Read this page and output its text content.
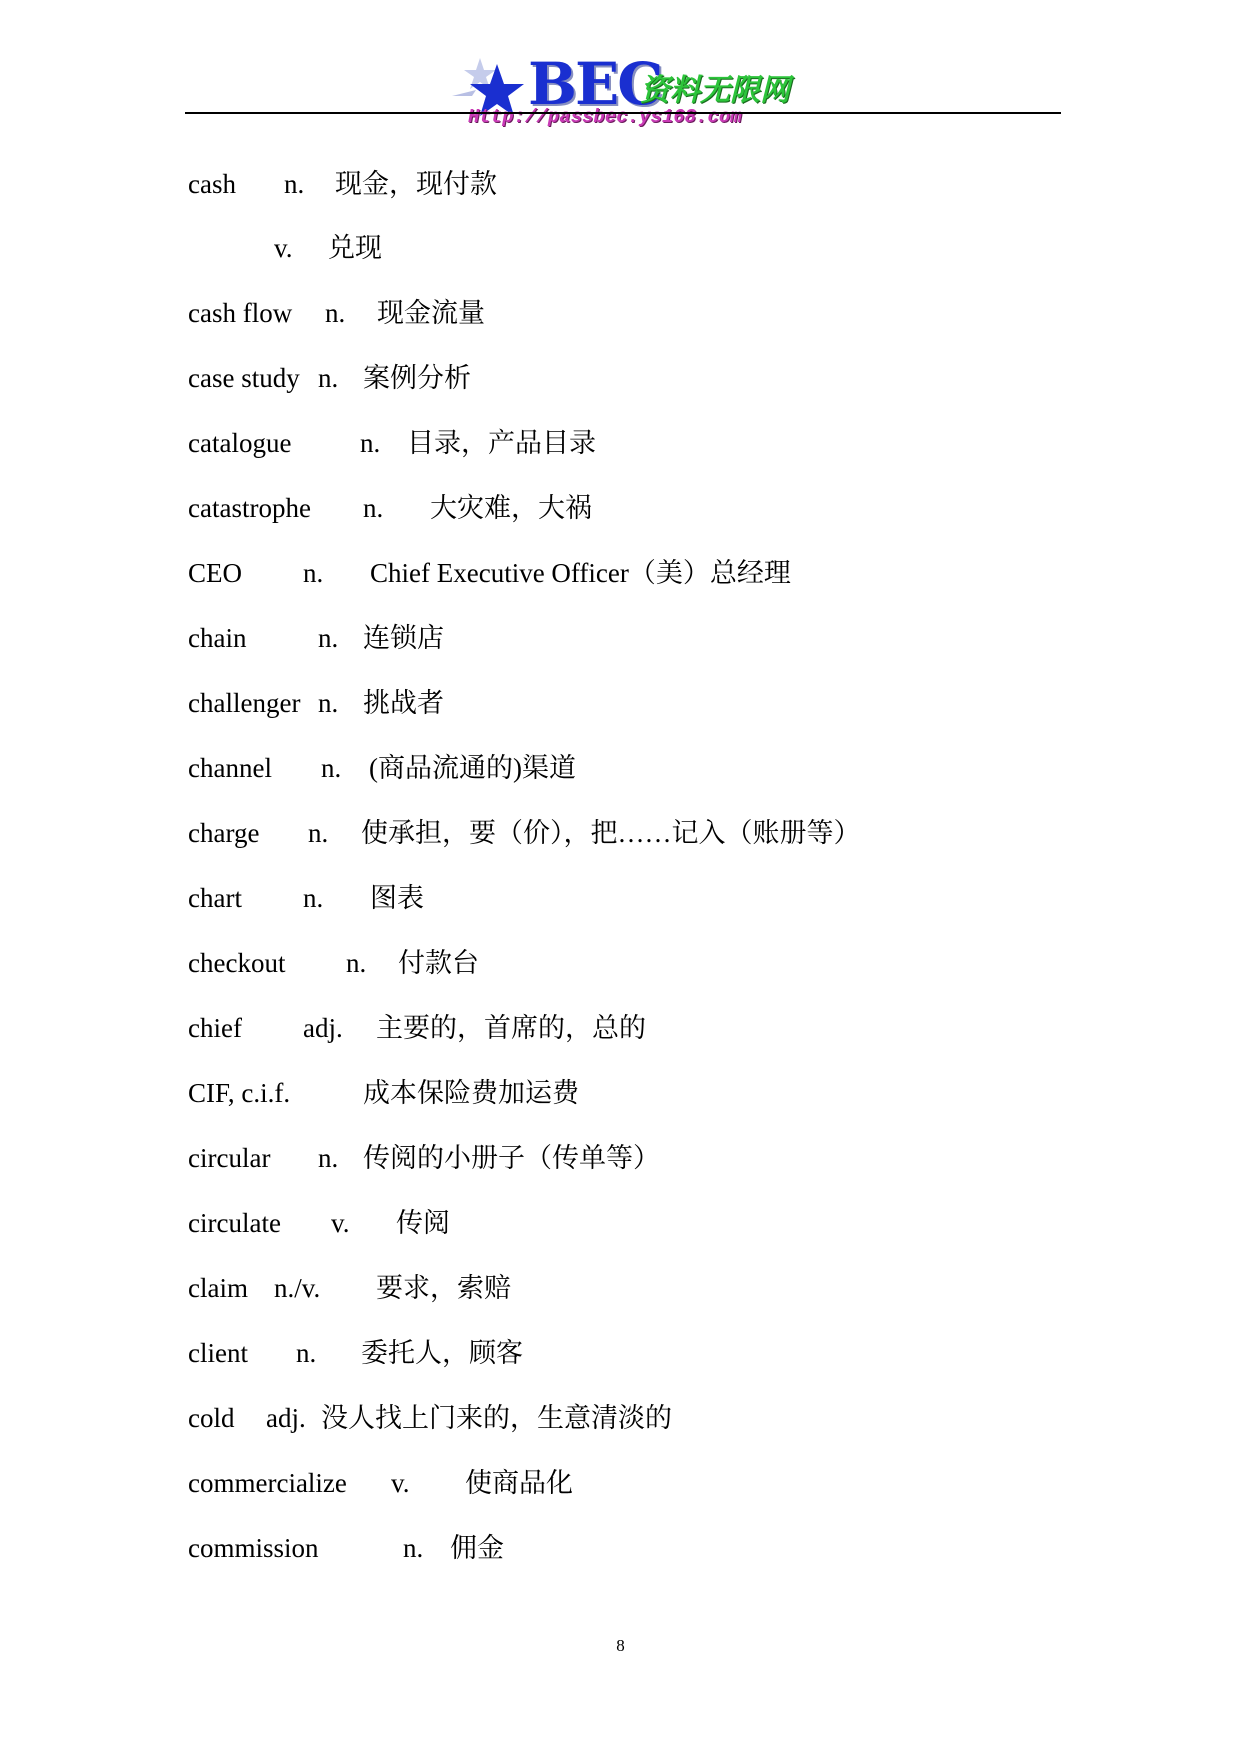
BEC
资料无限网
Http://passbec.ys168.com
cash n. 现金，现付款
v. 兑现
cash flow n. 现金流量
case study n. 案例分析
catalogue	n. 目录，产品目录
catastrophe n. 大灾难，大祸
CEO n. Chief Executive Officer（美）总经理
chain	n. 连锁店
challenger n. 挑战者
channel n. (商品流通的)渠道
charge n. 使承担，要（价），把……记入（账册等）
chart n. 图表
checkout n. 付款台
chief adj. 主要的，首席的，总的
CIF, c.i.f.	成本保险费加运费
circular n. 传阅的小册子（传单等）
circulate v. 传阅
claim n./v. 要求，索赔
client n. 委托人，顾客
cold adj. 没人找上门来的，生意清淡的
commercialize v. 使商品化
commission	n. 佣金
8
